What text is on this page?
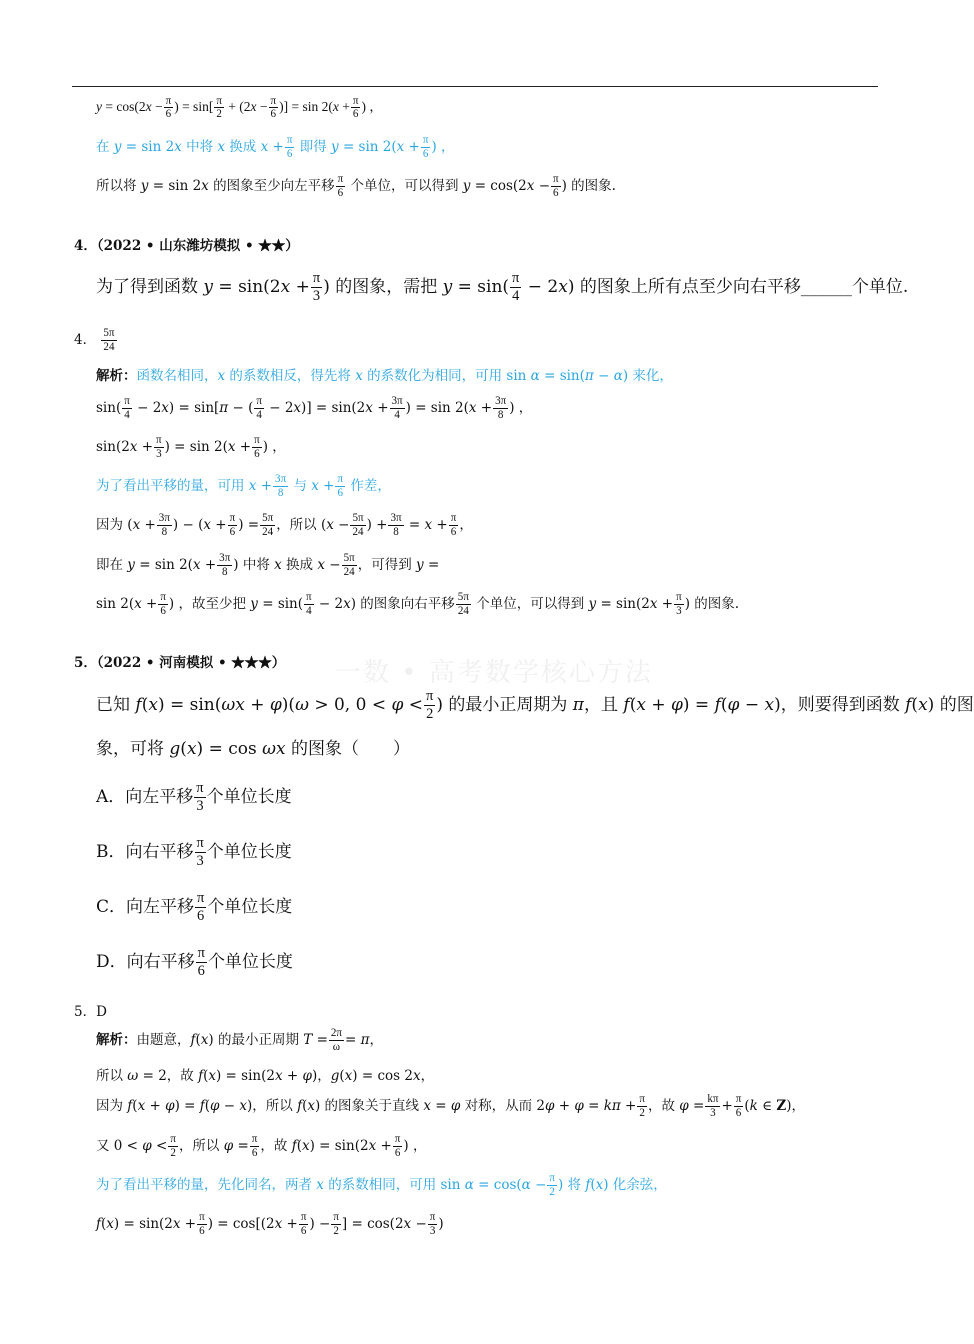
一数 • 高考数学核心方法
$y = \cos(2x - \frac{\pi}{6}$ ) = $\sin[ \frac{\pi}{2} + (2x - \frac{\pi}{6}$ )] = $\sin 2(x + \frac{\pi}{6}$ ) ，
在 y = sin 2x 中将 x 换成 $x + \frac{\pi}{6}$ 即得 $y = \sin 2(x + \frac{\pi}{6}$ ) ，
所以将 y = sin 2x 的图象至少向左平移 $\frac{\pi}{6}$ 个单位，可以得到 $y = \cos(2x - \frac{\pi}{6}$ ) 的图象.
4．（2022 • 山东潍坊模拟 • ★★）
为了得到函数 $y = \sin(2x + \frac{\pi}{3}$ ) 的图象，需把 $y = \sin( \frac{\pi}{4} - 2x)$ 的图象上所有点至少向右平移______个单位.
4． $\frac{5\pi}{24}$
解析：函数名相同，x 的系数相反，得先将 x 的系数化为相同，可用 sin α = sin(π − α) 来化，
$\sin( \frac{\pi}{4} - 2x) = \sin[\pi$ − ( $\frac{\pi}{4} - 2x)] = \sin(2x + \frac{3\pi}{4}$ ) = $\sin 2(x + \frac{3\pi}{8}$ ) ，
$\sin(2x + \frac{\pi}{3}$ ) = $\sin 2(x + \frac{\pi}{6}$ ) ，
为了看出平移的量，可用 $x + \frac{3\pi}{8}$ 与 $x + \frac{\pi}{6}$ 作差，
因为 ($x + \frac{3\pi}{8}$ ) − ($x + \frac{\pi}{6}$ ) = $\frac{5\pi}{24}$ ，所以 ($x - \frac{5\pi}{24}$ ) + $\frac{3\pi}{8} = x + \frac{\pi}{6}$ ，
即在 $y = \sin 2(x + \frac{3\pi}{8}$ ) 中将 x 换成 $x - \frac{5\pi}{24}$ ，可得到 y =
$\sin 2(x + \frac{\pi}{6}$ ) ，故至少把 $y = \sin( \frac{\pi}{4} - 2x)$ 的图象向右平移 $\frac{5\pi}{24}$ 个单位，可以得到 $y = \sin(2x + \frac{\pi}{3}$ ) 的图象.
5．（2022 • 河南模拟 • ★★★）
已知 f(x) = sin(ωx + φ)(ω > 0, $0 < \varphi < \frac{\pi}{2}$ ) 的最小正周期为 π，且 f(x + φ) = f(φ − x)，则要得到函数 f(x) 的图
象，可将 g(x) = cos ωx 的图象（　　）
A．向左平移 $\frac{\pi}{3}$ 个单位长度
B．向右平移 $\frac{\pi}{3}$ 个单位长度
C．向左平移 $\frac{\pi}{6}$ 个单位长度
D．向右平移 $\frac{\pi}{6}$ 个单位长度
5．D
解析：由题意，f(x) 的最小正周期 $T = \frac{2\pi}{\omega} = \pi$，
所以 ω = 2，故 f(x) = sin(2x + φ)，g(x) = cos 2x，
因为 f(x + φ) = f(φ − x)，所以 f(x) 的图象关于直线 x = φ 对称，从而 $2\varphi + \varphi = k\pi + \frac{\pi}{2}$ ，故 $\varphi = \frac{k\pi}{3} + \frac{\pi}{6} (k$ ∈ Z)，
又 $0 < \varphi < \frac{\pi}{2}$ ，所以 $\varphi = \frac{\pi}{6}$ ，故 $f(x) = \sin(2x + \frac{\pi}{6}$ ) ，
为了看出平移的量，先化同名，两者 x 的系数相同，可用 $\sin \alpha = \cos(\alpha - \frac{\pi}{2}$ ) 将 f(x) 化余弦，
$f(x) = \sin(2x + \frac{\pi}{6}$ ) = $\cos[(2x + \frac{\pi}{6}$ ) − $\frac{\pi}{2}$ ] = $\cos(2x - \frac{\pi}{3}$ )
